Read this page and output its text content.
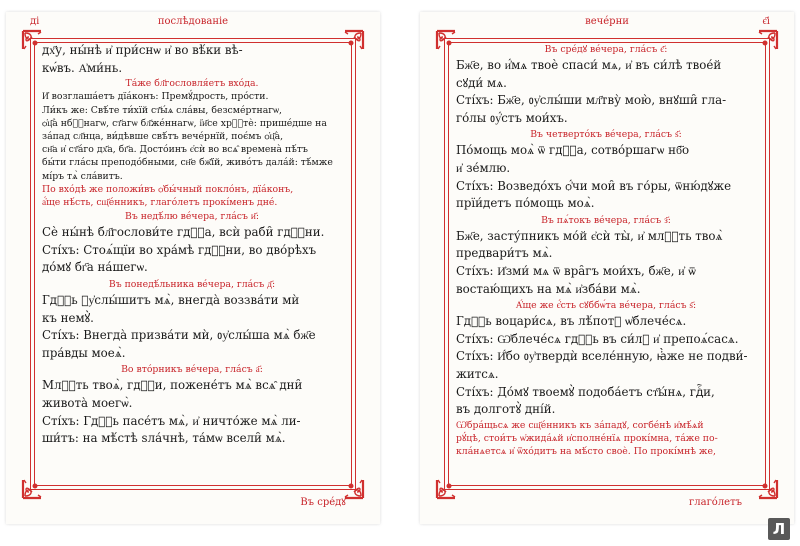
ді	послѣдованіе

дх҃у, ны́нѣ и҆ при́снѡ и҆ во вѣ́ки вѣ-

кѡ́въ. А҆ми́нь.

Та́же бл҃гословля́етъ вхо́да.

И҆ возглаша́етъ дїа́конъ: Премꙋ́дрость, про́сти.

Ли́къ же: Свѣ́те ти́хїй ст҃ы́ѧ сла́вы, безсме́ртнагѡ,

ѻ҆ц҃а̀ нбⷭ҇нагѡ, ст҃агѡ бл҃же́ннагѡ, і҆и҃се хрⷭ҇тѐ: прише́дше на

за́пад сл҃нца, ви́дѣвше свѣ́тъ вече́рнїй, поє́мъ ѻ҆ц҃а̀,

сн҃а и҆ ст҃а́го дх҃а, бг҃а. Досто́инъ є҆сѝ во всѧ̑ времена̀ пѣ́тъ

бы́ти гла́сы преподо́бными, сн҃е бж҃їй, живо́тъ дала́й: тѣ́мже

мі́ръ тѧ̀ сла́витъ.

По вхо́дѣ же положи́въ ѻ҆бы́чный покло́нъ, дїа́конъ,

а҆́ще нѣ́сть, сщ҃е́нникъ, глаго́летъ прокі́менъ дне́.

Въ недѣ́лю ве́чера, гла́съ и҃:

Сѐ ны́нѣ бл҃гослови́те гдⷭ҇а, всѝ раби̑ гдⷭ҇ни.

Сті́хъ: Стоѧ́щїи во хра́мѣ гдⷭ҇ни, во дво́рѣхъ

до́мꙋ бг҃а на́шегѡ.

Въ понедѣ́льника ве́чера, гла́съ д҃:

Гдⷭ҇ь ᲂу҆слы́шитъ мѧ̀, внегда̀ воззва́ти мѝ

къ немꙋ̀.

Сті́хъ: Внегда̀ призва́ти мѝ, ᲂу҆слы́ша мѧ̀ бж҃е

пра́вды моеѧ̀.

Во вто́рникъ ве́чера, гла́съ а҃:

Млⷭ҇ть твоѧ̀, гдⷭ҇и, пожене́тъ мѧ̀ всѧ̑ дни̑

живота̀ моегѡ̀.

Сті́хъ: Гдⷭ҇ь пасе́тъ мѧ̀, и҆ ничто́же мѧ̀ ли-

ши́тъ: на мѣ́стѣ ѕла́чнѣ, та́мѡ всели̑ мѧ̀.

Въ сре́дꙋ
вече́рни	є҃і

Въ сре́дꙋ ве́чера, гла́съ є҃:

Бж҃е, во и҆́мѧ твоѐ спаси́ мѧ, и҆ въ си́лѣ твое́й

сꙋди́ мѧ.

Сті́хъ: Бж҃е, ᲂу҆слы́ши мл҃тву̀ мою̀, внꙋши̑ гла-

го́лы ᲂу҆́стъ мои́хъ.

Въ четверто́къ ве́чера, гла́съ ѕ҃:

По́мощь моѧ̀ ѿ гдⷭ҇а, сотво́ршагѡ нб҃о

и҆ зе́млю.

Сті́хъ: Возведо́хъ ѻ҆́чи мои̑ въ го́ры, ѿню́дꙋже

прїи́детъ по́мощь моѧ̀.

Въ пѧ́токъ ве́чера, гла́съ з҃:

Бж҃е, засту́пникъ мо́й є҆сѝ ты̀, и҆ млⷭ҇ть твоѧ̀

предвари́тъ мѧ̀.

Сті́хъ: И҆зми́ мѧ ѿ вра̑гъ мои́хъ, бж҃е, и҆ ѿ

востаю́щихъ на мѧ̀ и҆зба́ви мѧ̀.

А҆́ще же є҆́сть сꙋббѡ́та ве́чера, гла́съ ѕ҃:

Гдⷭ҇ь воцари́сѧ, въ лѣ́потꙋ ѡ҆блече́сѧ.

Сті́хъ: Ѡ҆блече́сѧ гдⷭ҇ь въ си́лꙋ и҆ препоѧ́сасѧ.

Сті́хъ: И҆́бо ᲂу҆твердѝ вселе́нную, ꙗ҆̀же не подви́-

житсѧ.

Сті́хъ: До́мꙋ твоемꙋ̀ подоба́етъ ст҃ы́нѧ, гдⷭ҇и,

въ долготꙋ̀ дні́й.

Ѡ҆бра́щьсѧ же сщ҃е́нникъ къ за́падꙋ, согбе́нѣ и҆мѣ́ѧй

рꙋ́цѣ, стои́тъ ѡ҆жида́ѧй и҆сполне́нїѧ прокі́мна, та́же по-

кла́нѧетсѧ и҆ ѿхо́дитъ на мѣ́сто своѐ. По прокі́мнѣ же,

глаго́летъ
Л
